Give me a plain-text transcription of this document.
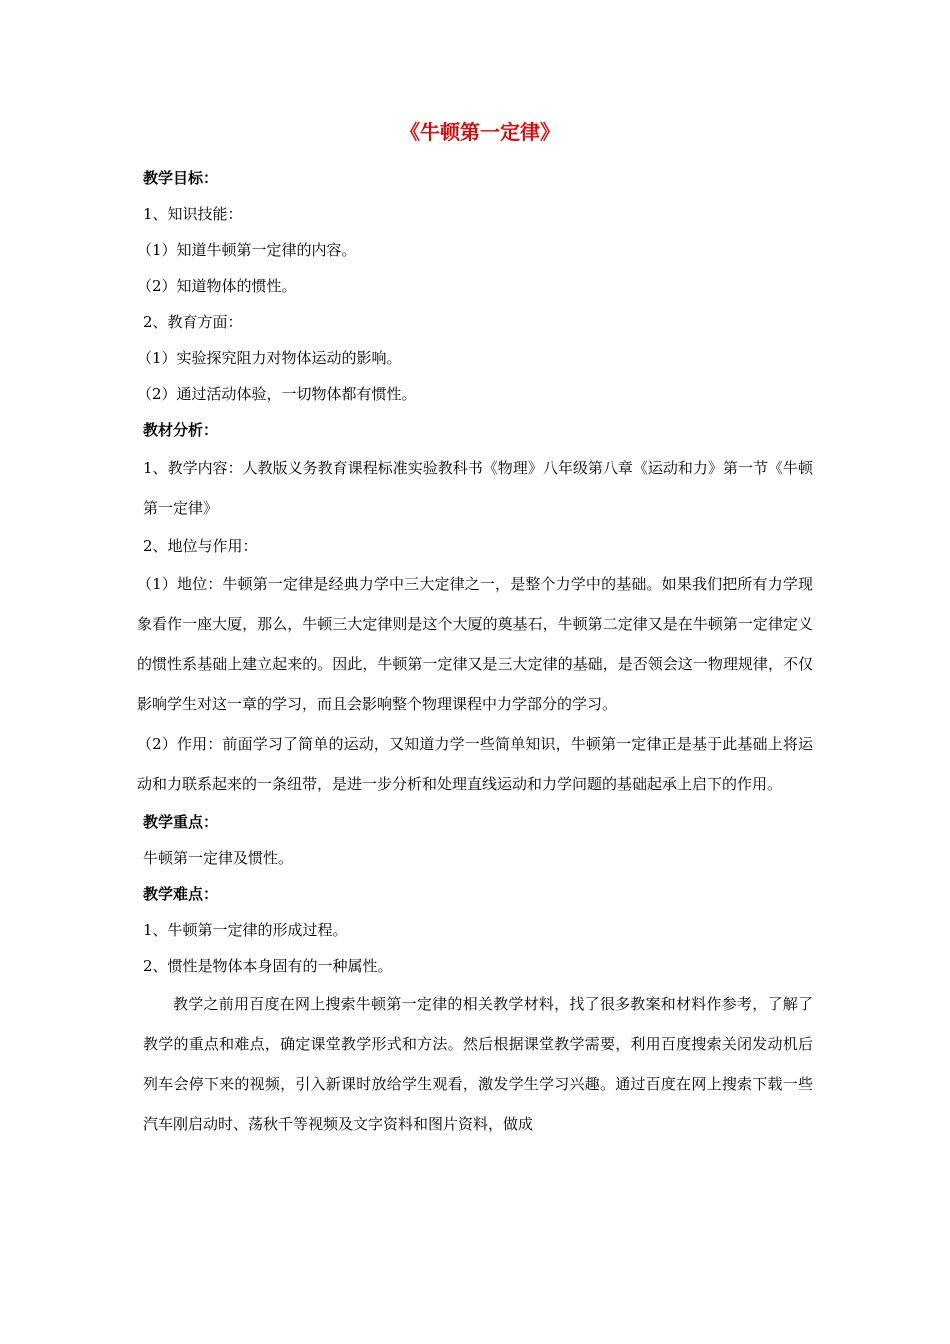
《牛顿第一定律》
教学目标：
1、知识技能：
（1）知道牛顿第一定律的内容。
（2）知道物体的惯性。
2、教育方面：
（1）实验探究阻力对物体运动的影响。
（2）通过活动体验，一切物体都有惯性。
教材分析：
1、教学内容：人教版义务教育课程标准实验教科书《物理》八年级第八章《运动和力》第一节《牛顿第一定律》
2、地位与作用：
（1）地位：牛顿第一定律是经典力学中三大定律之一，是整个力学中的基础。如果我们把所有力学现象看作一座大厦，那么，牛顿三大定律则是这个大厦的奠基石，牛顿第二定律又是在牛顿第一定律定义的惯性系基础上建立起来的。因此，牛顿第一定律又是三大定律的基础，是否领会这一物理规律，不仅影响学生对这一章的学习，而且会影响整个物理课程中力学部分的学习。
（2）作用：前面学习了简单的运动，又知道力学一些简单知识，牛顿第一定律正是基于此基础上将运动和力联系起来的一条纽带，是进一步分析和处理直线运动和力学问题的基础起承上启下的作用。
教学重点：
牛顿第一定律及惯性。
教学难点：
1、牛顿第一定律的形成过程。
2、惯性是物体本身固有的一种属性。
教学之前用百度在网上搜索牛顿第一定律的相关教学材料，找了很多教案和材料作参考，了解了教学的重点和难点，确定课堂教学形式和方法。然后根据课堂教学需要，利用百度搜索关闭发动机后列车会停下来的视频，引入新课时放给学生观看，激发学生学习兴趣。通过百度在网上搜索下载一些汽车刚启动时、荡秋千等视频及文字资料和图片资料，做成
